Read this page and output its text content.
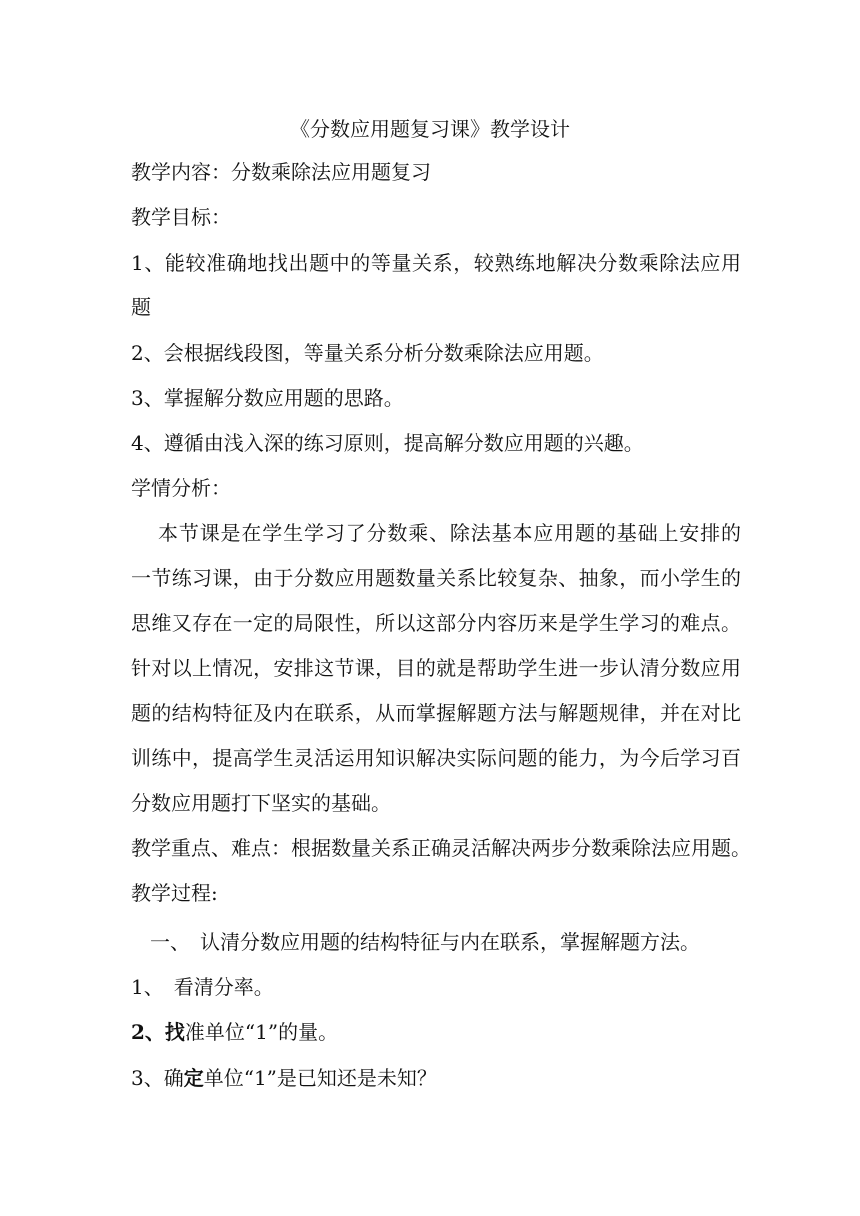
《分数应用题复习课》教学设计
教学内容：分数乘除法应用题复习
教学目标：
1、能较准确地找出题中的等量关系，较熟练地解决分数乘除法应用
题
2、会根据线段图，等量关系分析分数乘除法应用题。
3、掌握解分数应用题的思路。
4、遵循由浅入深的练习原则，提高解分数应用题的兴趣。
学情分析：
本节课是在学生学习了分数乘、除法基本应用题的基础上安排的
一节练习课，由于分数应用题数量关系比较复杂、抽象，而小学生的
思维又存在一定的局限性，所以这部分内容历来是学生学习的难点。
针对以上情况，安排这节课，目的就是帮助学生进一步认清分数应用
题的结构特征及内在联系，从而掌握解题方法与解题规律，并在对比
训练中，提高学生灵活运用知识解决实际问题的能力，为今后学习百
分数应用题打下坚实的基础。
教学重点、难点：根据数量关系正确灵活解决两步分数乘除法应用题。
教学过程:
一、　认清分数应用题的结构特征与内在联系，掌握解题方法。
1、　看清分率。
2、找准单位“1”的量。
3、确定单位“1”是已知还是未知？
